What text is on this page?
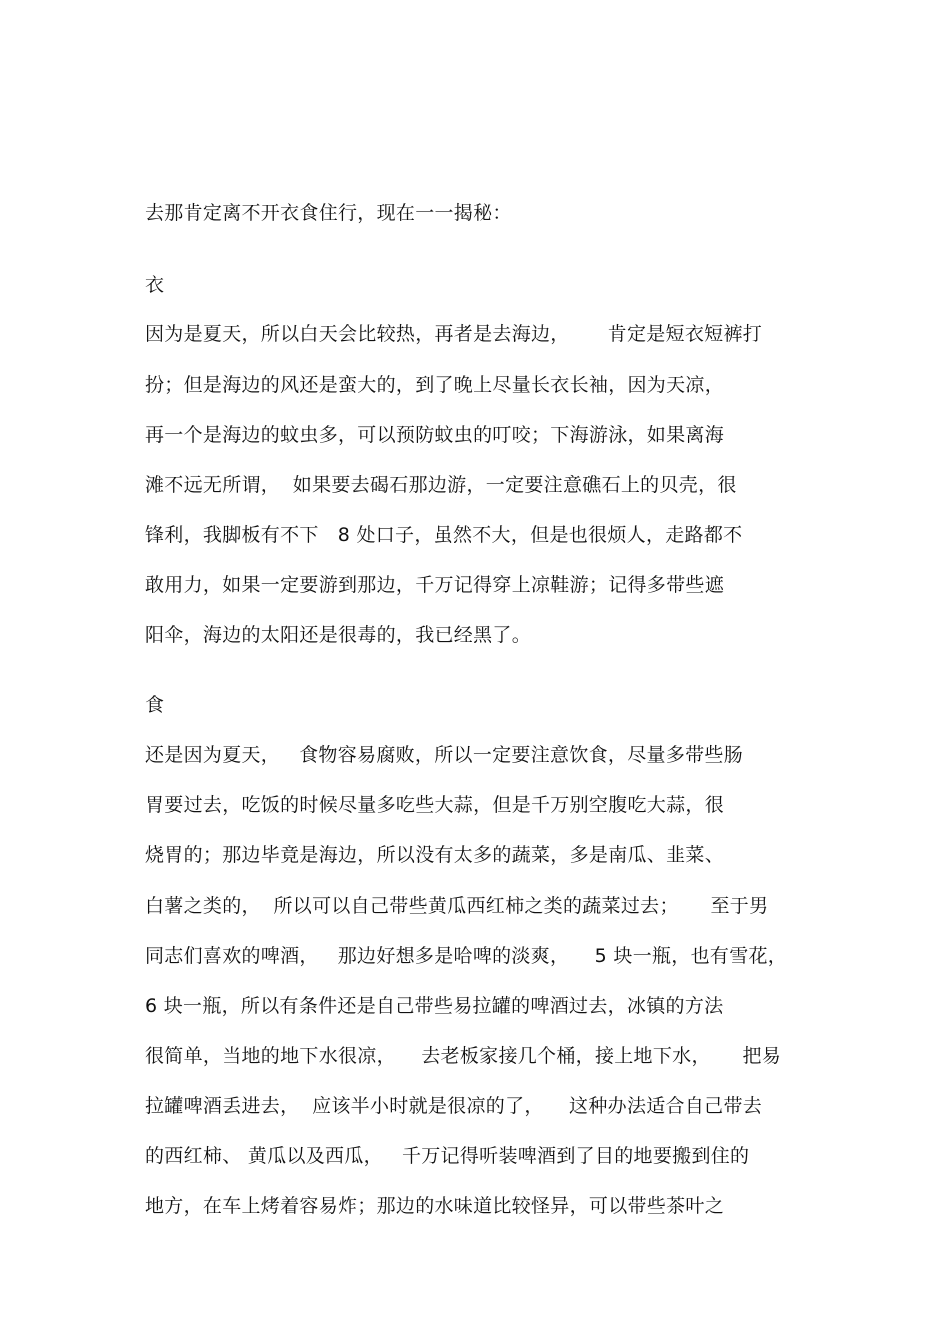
去那肯定离不开衣食住行，现在一一揭秘：
衣
因为是夏天，所以白天会比较热，再者是去海边，      肯定是短衣短裤打
扮；但是海边的风还是蛮大的，到了晚上尽量长衣长袖，因为天凉，
再一个是海边的蚊虫多，可以预防蚊虫的叮咬；下海游泳，如果离海
滩不远无所谓，  如果要去碣石那边游，一定要注意礁石上的贝壳，很
锋利，我脚板有不下   8 处口子，虽然不大，但是也很烦人，走路都不
敢用力，如果一定要游到那边，千万记得穿上凉鞋游；记得多带些遮
阳伞，海边的太阳还是很毒的，我已经黑了。
食
还是因为夏天，   食物容易腐败，所以一定要注意饮食，尽量多带些肠
胃要过去，吃饭的时候尽量多吃些大蒜，但是千万别空腹吃大蒜，很
烧胃的；那边毕竟是海边，所以没有太多的蔬菜，多是南瓜、韭菜、
白薯之类的，  所以可以自己带些黄瓜西红柿之类的蔬菜过去；     至于男
同志们喜欢的啤酒，   那边好想多是哈啤的淡爽，    5 块一瓶，也有雪花，
6 块一瓶，所以有条件还是自己带些易拉罐的啤酒过去，冰镇的方法
很简单，当地的地下水很凉，    去老板家接几个桶，接上地下水，     把易
拉罐啤酒丢进去，  应该半小时就是很凉的了，    这种办法适合自己带去
的西红柿、 黄瓜以及西瓜，   千万记得听装啤酒到了目的地要搬到住的
地方，在车上烤着容易炸；那边的水味道比较怪异，可以带些茶叶之
